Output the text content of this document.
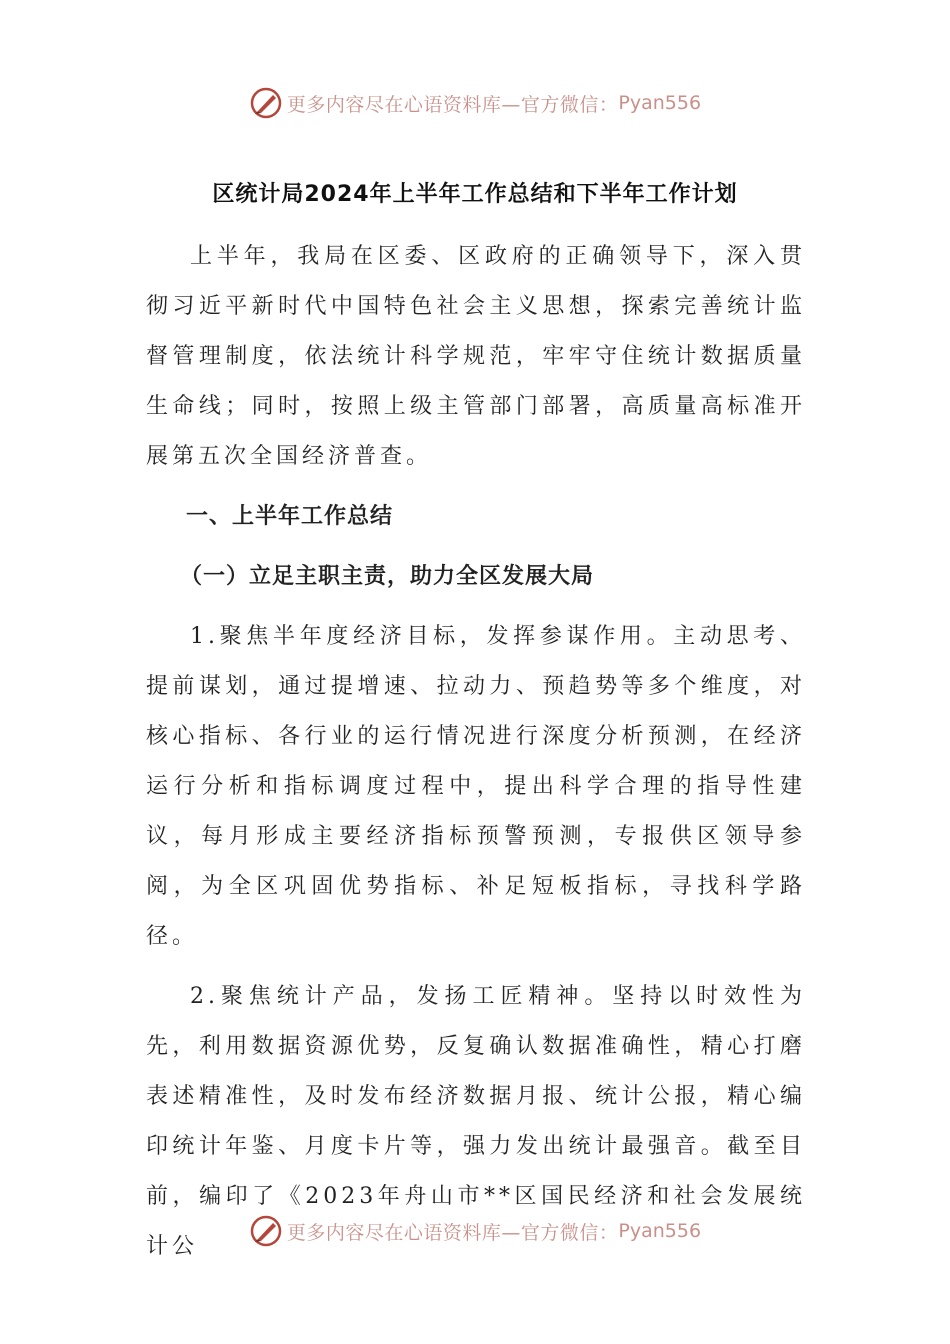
更多内容尽在心语资料库—官方微信： Pyan556
区统计局2024年上半年工作总结和下半年工作计划

上半年，我局在区委、区政府的正确领导下，深入贯彻习近平新时代中国特色社会主义思想，探索完善统计监督管理制度，依法统计科学规范，牢牢守住统计数据质量生命线；同时，按照上级主管部门部署，高质量高标准开展第五次全国经济普查。

一、上半年工作总结
（一）立足主职主责，助力全区发展大局

1.聚焦半年度经济目标，发挥参谋作用。主动思考、提前谋划，通过提增速、拉动力、预趋势等多个维度，对核心指标、各行业的运行情况进行深度分析预测，在经济运行分析和指标调度过程中，提出科学合理的指导性建议，每月形成主要经济指标预警预测，专报供区领导参阅，为全区巩固优势指标、补足短板指标，寻找科学路径。

2.聚焦统计产品，发扬工匠精神。坚持以时效性为先，利用数据资源优势，反复确认数据准确性，精心打磨表述精准性，及时发布经济数据月报、统计公报，精心编印统计年鉴、月度卡片等，强力发出统计最强音。截至目前，编印了《2023年舟山市**区国民经济和社会发展统计公

更多内容尽在心语资料库—官方微信： Pyan556
